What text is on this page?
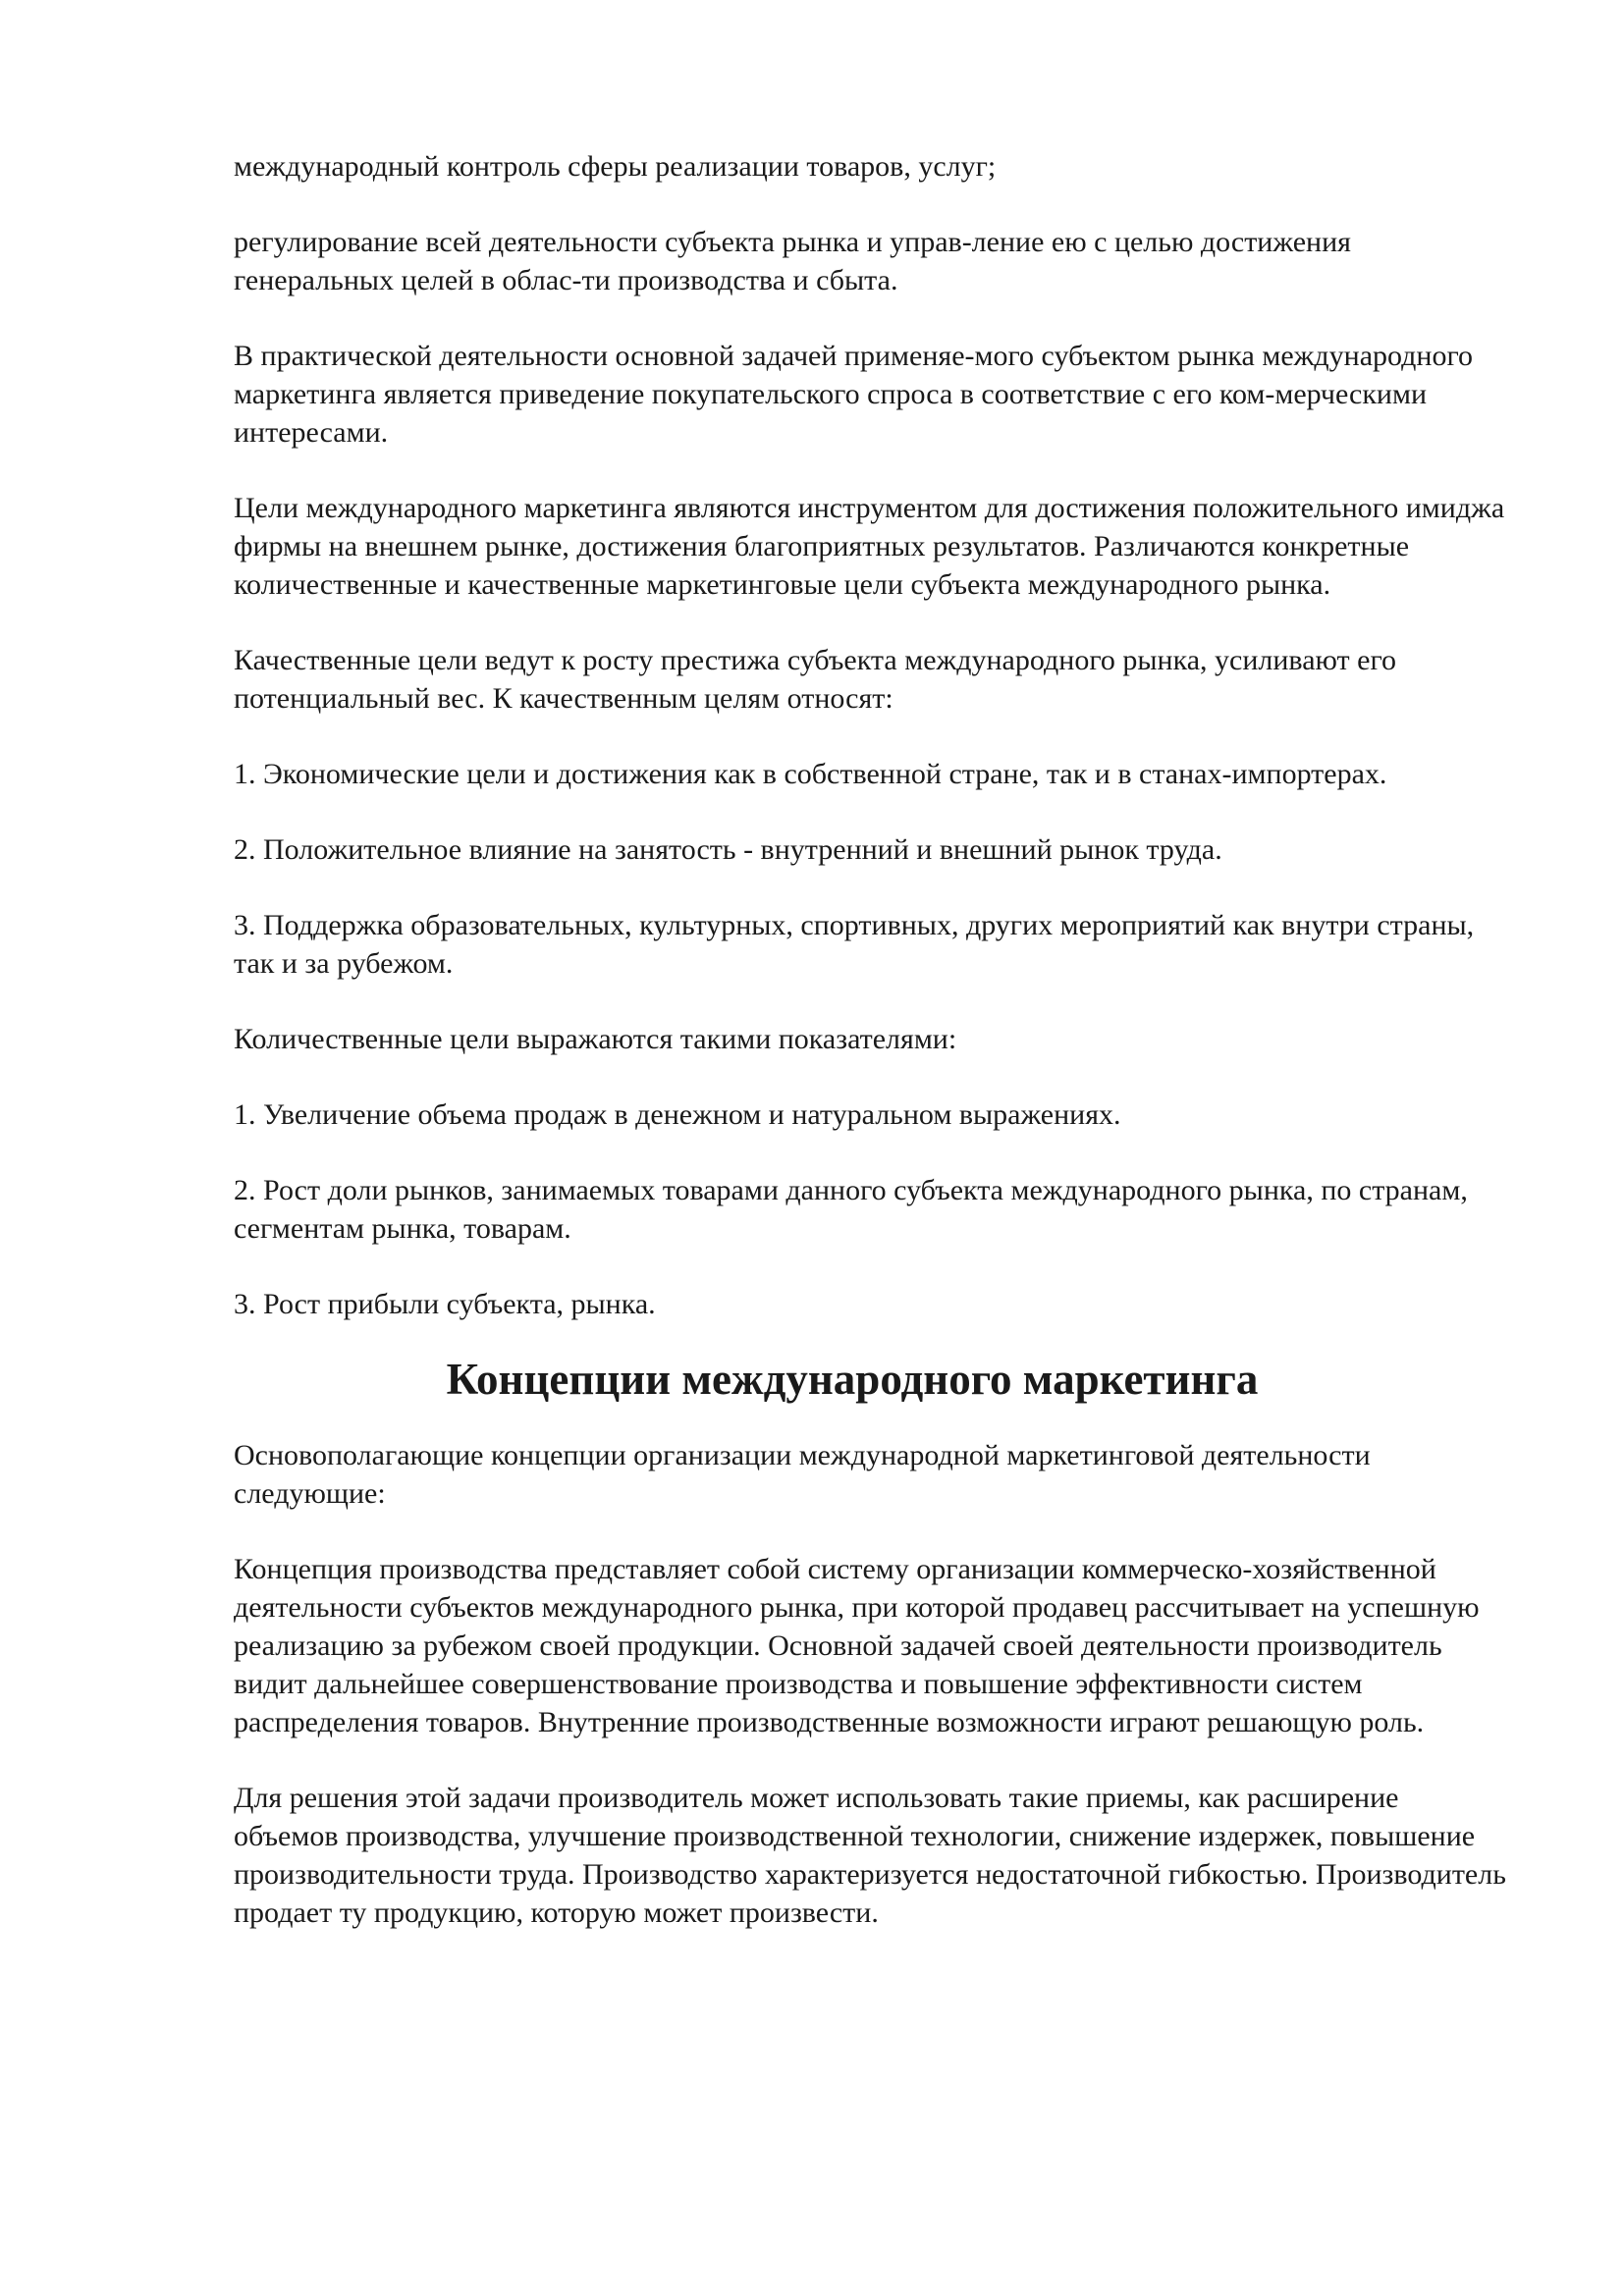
международный контроль сферы реализации товаров, услуг;

регулирование всей деятельности субъекта рынка и управ-ление ею с целью достижения генеральных целей в облас-ти производства и сбыта.

В практической деятельности основной задачей применяе-мого субъектом рынка международного маркетинга является приведение покупательского спроса в соответствие с его ком-мерческими интересами.

Цели международного маркетинга являются инструментом для достижения положительного имиджа фирмы на внешнем рынке, достижения благоприятных результатов. Различаются конкретные количественные и качественные маркетинговые цели субъекта международного рынка.

Качественные цели ведут к росту престижа субъекта международного рынка, усиливают его потенциальный вес. К качественным целям относят:

1. Экономические цели и достижения как в собственной стране, так и в станах-импортерах.

2. Положительное влияние на занятость - внутренний и внешний рынок труда.

3. Поддержка образовательных, культурных, спортивных, других мероприятий как внутри страны, так и за рубежом.

Количественные цели выражаются такими показателями:

1. Увеличение объема продаж в денежном и натуральном выражениях.

2. Рост доли рынков, занимаемых товарами данного субъекта международного рынка, по странам, сегментам рынка, товарам.

3. Рост прибыли субъекта, рынка.

Концепции международного маркетинга

Основополагающие концепции организации международной маркетинговой деятельности следующие:

Концепция производства представляет собой систему организации коммерческо-хозяйственной деятельности субъектов международного рынка, при которой продавец рассчитывает на успешную реализацию за рубежом своей продукции. Основной задачей своей деятельности производитель видит дальнейшее совершенствование производства и повышение эффективности систем распределения товаров. Внутренние производственные возможности играют решающую роль.

Для решения этой задачи производитель может использовать такие приемы, как расширение объемов производства, улучшение производственной технологии, снижение издержек, повышение производительности труда. Производство характеризуется недостаточной гибкостью. Производитель продает ту продукцию, которую может произвести.
